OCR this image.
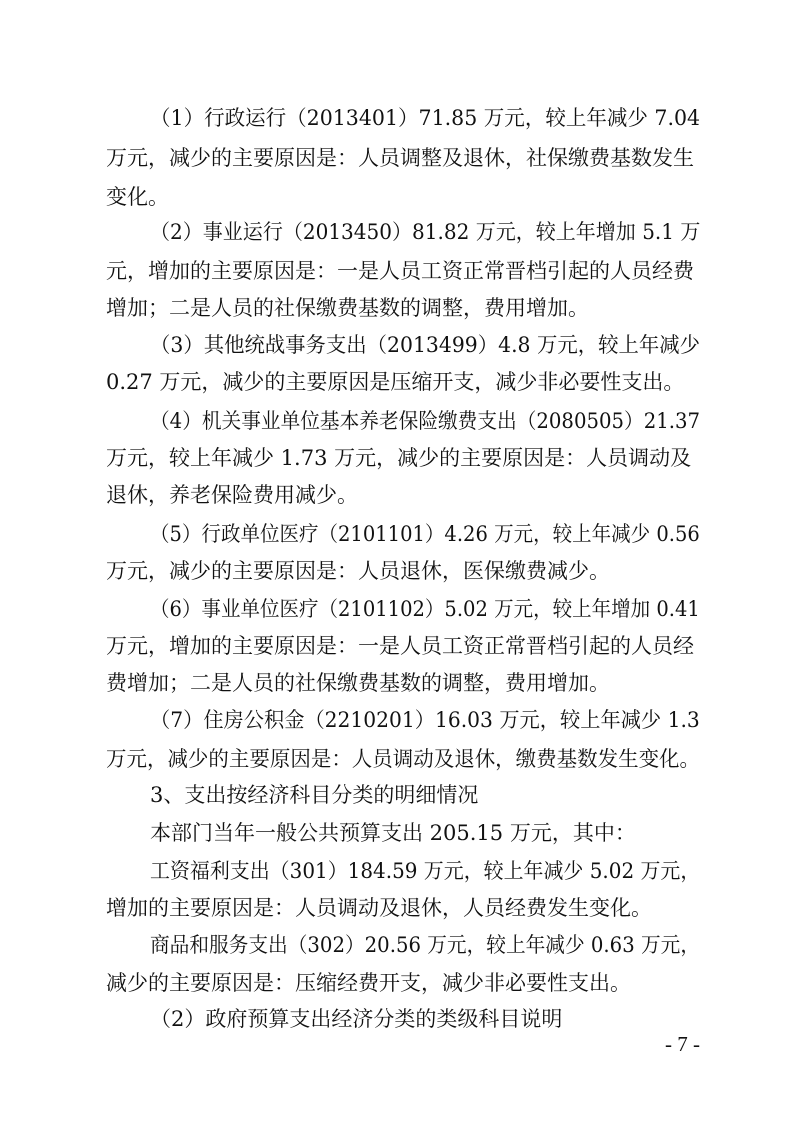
（1）行政运行（2013401）71.85 万元，较上年减少 7.04
万元，减少的主要原因是：人员调整及退休，社保缴费基数发生
变化。
（2）事业运行（2013450）81.82 万元，较上年增加 5.1 万
元，增加的主要原因是：一是人员工资正常晋档引起的人员经费
增加；二是人员的社保缴费基数的调整，费用增加。
（3）其他统战事务支出（2013499）4.8 万元，较上年减少
0.27 万元，减少的主要原因是压缩开支，减少非必要性支出。
（4）机关事业单位基本养老保险缴费支出（2080505）21.37
万元，较上年减少 1.73 万元，减少的主要原因是：人员调动及
退休，养老保险费用减少。
（5）行政单位医疗（2101101）4.26 万元，较上年减少 0.56
万元，减少的主要原因是：人员退休，医保缴费减少。
（6）事业单位医疗（2101102）5.02 万元，较上年增加 0.41
万元，增加的主要原因是：一是人员工资正常晋档引起的人员经
费增加；二是人员的社保缴费基数的调整，费用增加。
（7）住房公积金（2210201）16.03 万元，较上年减少 1.3
万元，减少的主要原因是：人员调动及退休，缴费基数发生变化。
3、支出按经济科目分类的明细情况
本部门当年一般公共预算支出 205.15 万元，其中：
工资福利支出（301）184.59 万元，较上年减少 5.02 万元，
增加的主要原因是：人员调动及退休，人员经费发生变化。
商品和服务支出（302）20.56 万元，较上年减少 0.63 万元，
减少的主要原因是：压缩经费开支，减少非必要性支出。
（2）政府预算支出经济分类的类级科目说明
- 7 -
